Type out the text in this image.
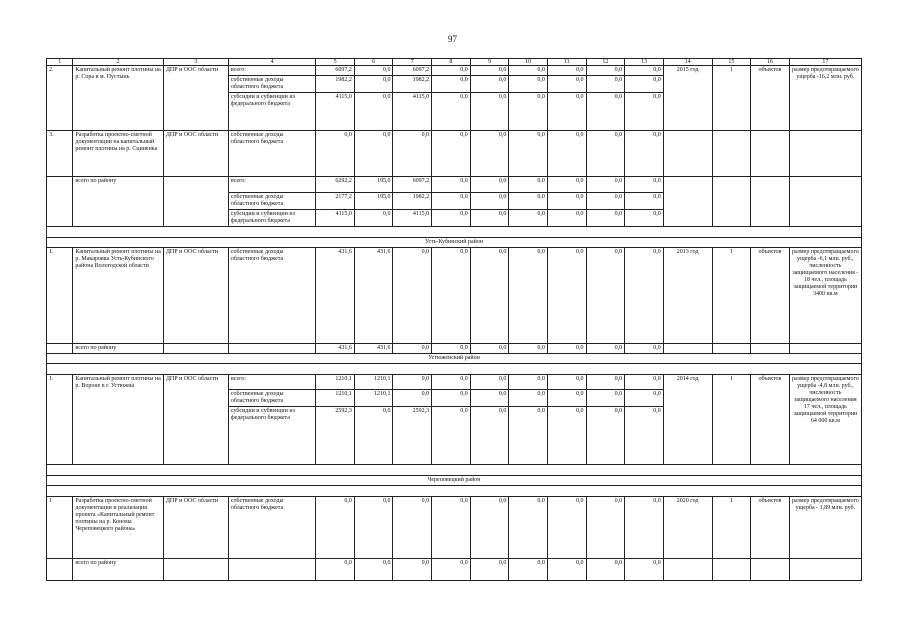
97
1	2	3	4	5	6	7	8	9	10	11	12	13	14	15	16	17
2.	Капитальный ремонт плотины на р. Сора в м. Пустынь	ДПР и ООС области	всего:	6097,2	0,0	6097,2	0,0	0,0	0,0	0,0	0,0	0,0	2015 год	1	объектов	размер предотвращаемого ущерба -16,2 млн. руб.
			собственные доходы областного бюджета	1982,2	0,0	1982,2	0,0	0,0	0,0	0,0	0,0	0,0				
			субсидии и субвенции из федерального бюджета	4115,0	0,0	4115,0	0,0	0,0	0,0	0,0	0,0	0,0				
3.	Разработка проектно-сметной документации на капитальный ремонт плотины на р. Сциненка	ДПР и ООС области	собственные доходы областного бюджета	0,0	0,0	0,0	0,0	0,0	0,0	0,0	0,0	0,0				
	всего по району		всего:	6292,2	195,0	6097,2	0,0	0,0	0,0	0,0	0,0	0,0				
			собственные доходы областного бюджета	2177,2	195,0	1982,2	0,0	0,0	0,0	0,0	0,0	0,0				
			субсидии и субвенции из федерального бюджета	4115,0	0,0	4115,0	0,0	0,0	0,0	0,0	0,0	0,0				

Усть-Кубинский район																
1.	Капитальный ремонт плотины на р. Макаровка Усть-Кубинского района Вологодской области	ДПР и ООС области	собственные доходы областного бюджета	431,6	431,6	0,0	0,0	0,0	0,0	0,0	0,0	0,0	2013 год	1	объектов	размер предотвращаемого ущерба -6,1 млн. руб., численность защищаемого населения - 18 чел., площадь защищаемой территории 3400 кв.м
	всего по району			431,6	431,6	0,0	0,0	0,0	0,0	0,0	0,0	0,0				
Устюженский район																

1.	Капитальный ремонт плотины на р. Вороне в г. Устюжна	ДПР и ООС области	всего:	1210,1	1210,1	0,0	0,0	0,0	0,0	0,0	0,0	0,0	2014 год	1	объектов	размер предотвращаемого ущерба -4,8 млн. руб., численность защищаемого населения 17 чел., площадь защищаемой территории 64 000 кв.м
			собственные доходы областного бюджета	1210,1	1210,1	0,0	0,0	0,0	0,0	0,0	0,0	0,0				
			субсидии и субвенции из федерального бюджета	2592,3	0,0	2592,3	0,0	0,0	0,0	0,0	0,0	0,0				

Череповецкий район																

1	Разработка проектно-сметной документации и реализация проекта «Капитальный ремонт плотины на р. Конома Череповецкого района»	ДПР и ООС области	собственные доходы областного бюджета	0,0	0,0	0,0	0,0	0,0	0,0	0,0	0,0	0,0	2020 год	1	объектов	размер предотвращаемого ущерба - 1,89 млн. руб.
	всего по району			0,0	0,0	0,0	0,0	0,0	0,0	0,0	0,0	0,0				
